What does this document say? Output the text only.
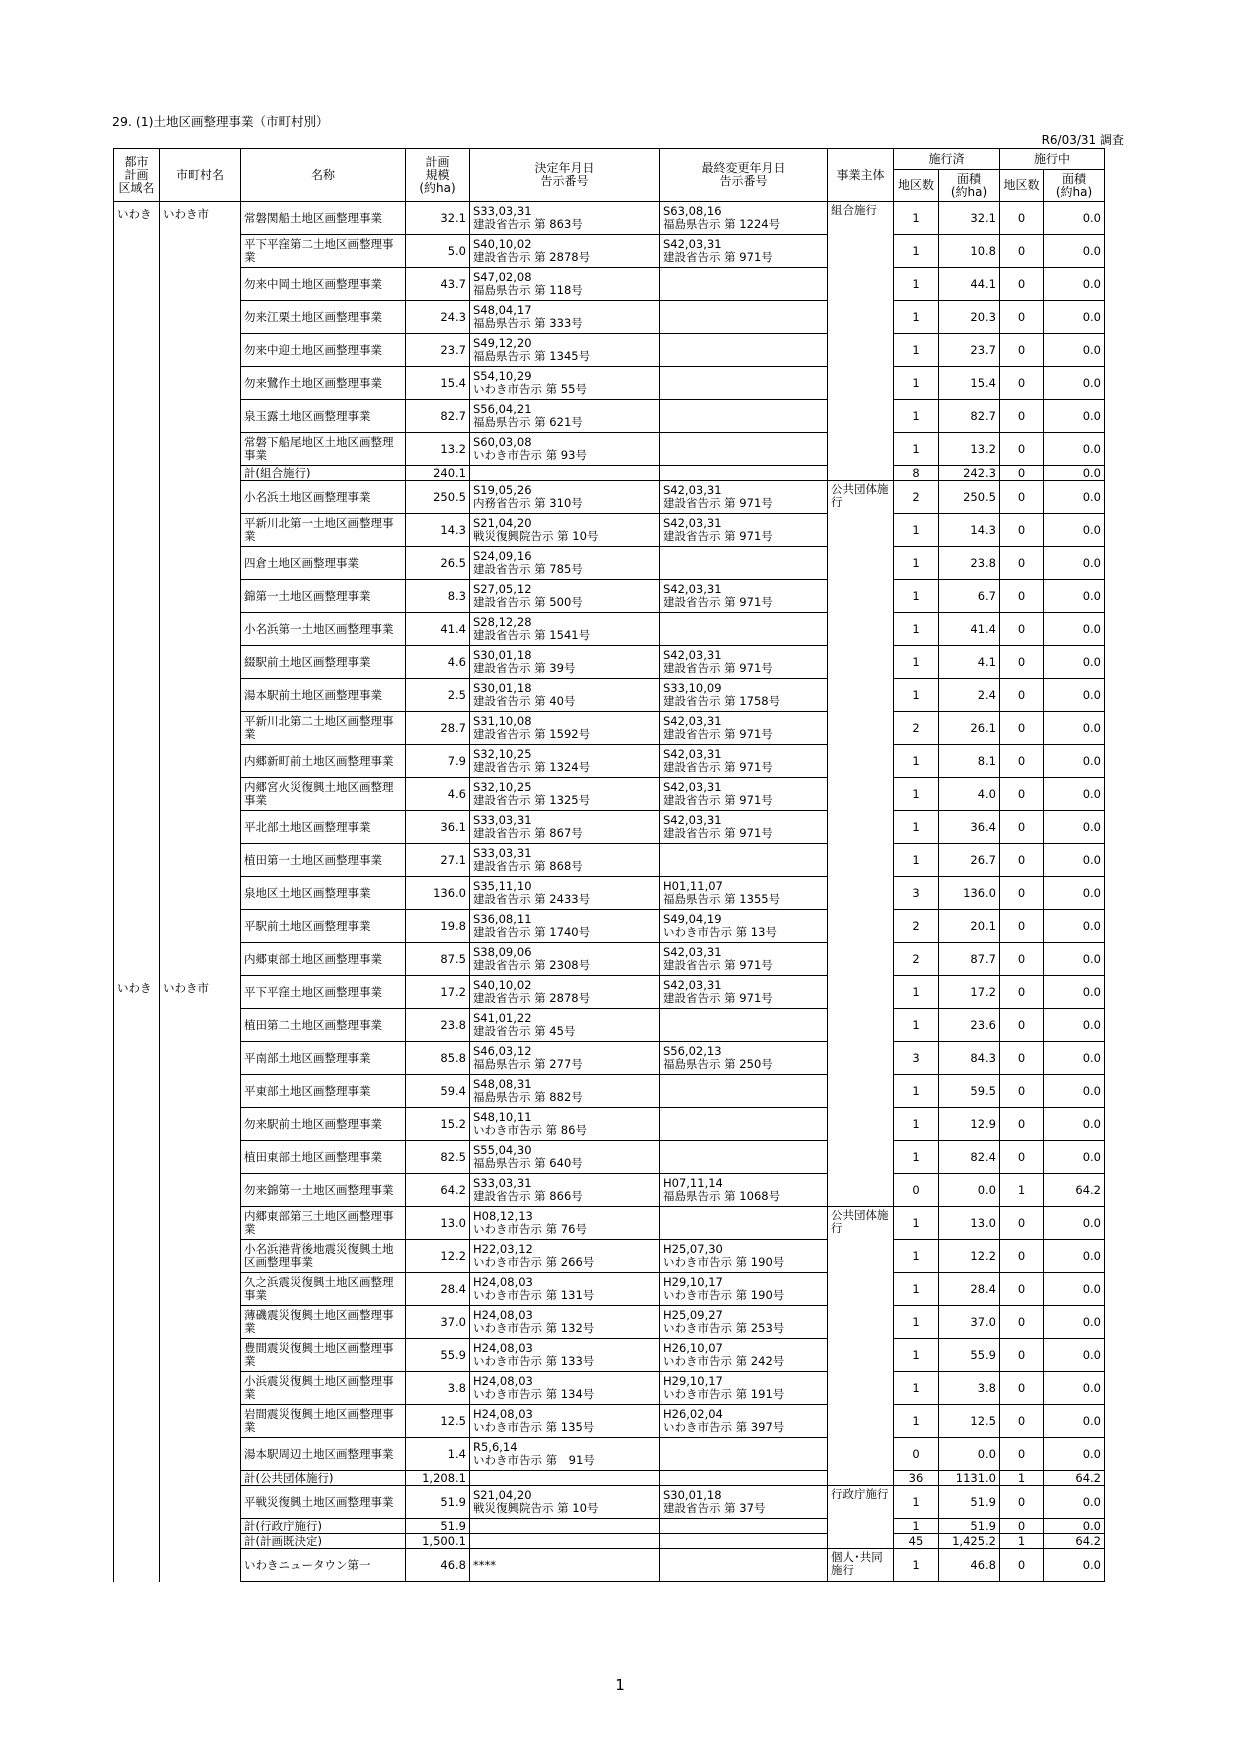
29. (1)土地区画整理事業（市町村別）
R6/03/31 調査
都市
計画
区域名	市町村名	名称	計画
規模
(約ha)	決定年月日
告示番号	最終変更年月日
告示番号	事業主体	施行済		施行中	
							地区数	面積
(約ha)	地区数	面積
(約ha)
いわき	いわき市	常磐関船土地区画整理事業	32.1	S33,03,31
建設省告示 第 863号	S63,08,16
福島県告示 第 1224号	組合施行	1	32.1	0	0.0
		平下平窪第二土地区画整理事業	5.0	S40,10,02
建設省告示 第 2878号	S42,03,31
建設省告示 第 971号		1	10.8	0	0.0
		勿来中岡土地区画整理事業	43.7	S47,02,08
福島県告示 第 118号			1	44.1	0	0.0
		勿来江栗土地区画整理事業	24.3	S48,04,17
福島県告示 第 333号			1	20.3	0	0.0
		勿来中迎土地区画整理事業	23.7	S49,12,20
福島県告示 第 1345号			1	23.7	0	0.0
		勿来鷺作土地区画整理事業	15.4	S54,10,29
いわき市告示 第 55号			1	15.4	0	0.0
		泉玉露土地区画整理事業	82.7	S56,04,21
福島県告示 第 621号			1	82.7	0	0.0
		常磐下船尾地区土地区画整理事業	13.2	S60,03,08
いわき市告示 第 93号			1	13.2	0	0.0
		計(組合施行)	240.1				8	242.3	0	0.0
		小名浜土地区画整理事業	250.5	S19,05,26
内務省告示 第 310号	S42,03,31
建設省告示 第 971号	公共団体施行	2	250.5	0	0.0
		平新川北第一土地区画整理事業	14.3	S21,04,20
戦災復興院告示 第 10号	S42,03,31
建設省告示 第 971号		1	14.3	0	0.0
		四倉土地区画整理事業	26.5	S24,09,16
建設省告示 第 785号			1	23.8	0	0.0
		錦第一土地区画整理事業	8.3	S27,05,12
建設省告示 第 500号	S42,03,31
建設省告示 第 971号		1	6.7	0	0.0
		小名浜第一土地区画整理事業	41.4	S28,12,28
建設省告示 第 1541号			1	41.4	0	0.0
		綴駅前土地区画整理事業	4.6	S30,01,18
建設省告示 第 39号	S42,03,31
建設省告示 第 971号		1	4.1	0	0.0
		湯本駅前土地区画整理事業	2.5	S30,01,18
建設省告示 第 40号	S33,10,09
建設省告示 第 1758号		1	2.4	0	0.0
		平新川北第二土地区画整理事業	28.7	S31,10,08
建設省告示 第 1592号	S42,03,31
建設省告示 第 971号		2	26.1	0	0.0
		内郷新町前土地区画整理事業	7.9	S32,10,25
建設省告示 第 1324号	S42,03,31
建設省告示 第 971号		1	8.1	0	0.0
		内郷宮火災復興土地区画整理事業	4.6	S32,10,25
建設省告示 第 1325号	S42,03,31
建設省告示 第 971号		1	4.0	0	0.0
		平北部土地区画整理事業	36.1	S33,03,31
建設省告示 第 867号	S42,03,31
建設省告示 第 971号		1	36.4	0	0.0
		植田第一土地区画整理事業	27.1	S33,03,31
建設省告示 第 868号			1	26.7	0	0.0
		泉地区土地区画整理事業	136.0	S35,11,10
建設省告示 第 2433号	H01,11,07
福島県告示 第 1355号		3	136.0	0	0.0
		平駅前土地区画整理事業	19.8	S36,08,11
建設省告示 第 1740号	S49,04,19
いわき市告示 第 13号		2	20.1	0	0.0
		内郷東部土地区画整理事業	87.5	S38,09,06
建設省告示 第 2308号	S42,03,31
建設省告示 第 971号		2	87.7	0	0.0
いわき	いわき市	平下平窪土地区画整理事業	17.2	S40,10,02
建設省告示 第 2878号	S42,03,31
建設省告示 第 971号		1	17.2	0	0.0
		植田第二土地区画整理事業	23.8	S41,01,22
建設省告示 第 45号			1	23.6	0	0.0
		平南部土地区画整理事業	85.8	S46,03,12
福島県告示 第 277号	S56,02,13
福島県告示 第 250号		3	84.3	0	0.0
		平東部土地区画整理事業	59.4	S48,08,31
福島県告示 第 882号			1	59.5	0	0.0
		勿来駅前土地区画整理事業	15.2	S48,10,11
いわき市告示 第 86号			1	12.9	0	0.0
		植田東部土地区画整理事業	82.5	S55,04,30
福島県告示 第 640号			1	82.4	0	0.0
		勿来錦第一土地区画整理事業	64.2	S33,03,31
建設省告示 第 866号	H07,11,14
福島県告示 第 1068号		0	0.0	1	64.2
		内郷東部第三土地区画整理事業	13.0	H08,12,13
いわき市告示 第 76号		公共団体施行	1	13.0	0	0.0
		小名浜港背後地震災復興土地区画整理事業	12.2	H22,03,12
いわき市告示 第 266号	H25,07,30
いわき市告示 第 190号		1	12.2	0	0.0
		久之浜震災復興土地区画整理事業	28.4	H24,08,03
いわき市告示 第 131号	H29,10,17
いわき市告示 第 190号		1	28.4	0	0.0
		薄磯震災復興土地区画整理事業	37.0	H24,08,03
いわき市告示 第 132号	H25,09,27
いわき市告示 第 253号		1	37.0	0	0.0
		豊間震災復興土地区画整理事業	55.9	H24,08,03
いわき市告示 第 133号	H26,10,07
いわき市告示 第 242号		1	55.9	0	0.0
		小浜震災復興土地区画整理事業	3.8	H24,08,03
いわき市告示 第 134号	H29,10,17
いわき市告示 第 191号		1	3.8	0	0.0
		岩間震災復興土地区画整理事業	12.5	H24,08,03
いわき市告示 第 135号	H26,02,04
いわき市告示 第 397号		1	12.5	0	0.0
		湯本駅周辺土地区画整理事業	1.4	R5,6,14
いわき市告示 第　91号			0	0.0	0	0.0
		計(公共団体施行)	1,208.1				36	1131.0	1	64.2
		平戦災復興土地区画整理事業	51.9	S21,04,20
戦災復興院告示 第 10号	S30,01,18
建設省告示 第 37号	行政庁施行	1	51.9	0	0.0
		計(行政庁施行)	51.9				1	51.9	0	0.0
		計(計画既決定)	1,500.1				45	1,425.2	1	64.2
		いわきニュータウン第一	46.8	****		個人･共同施行	1	46.8	0	0.0
1
